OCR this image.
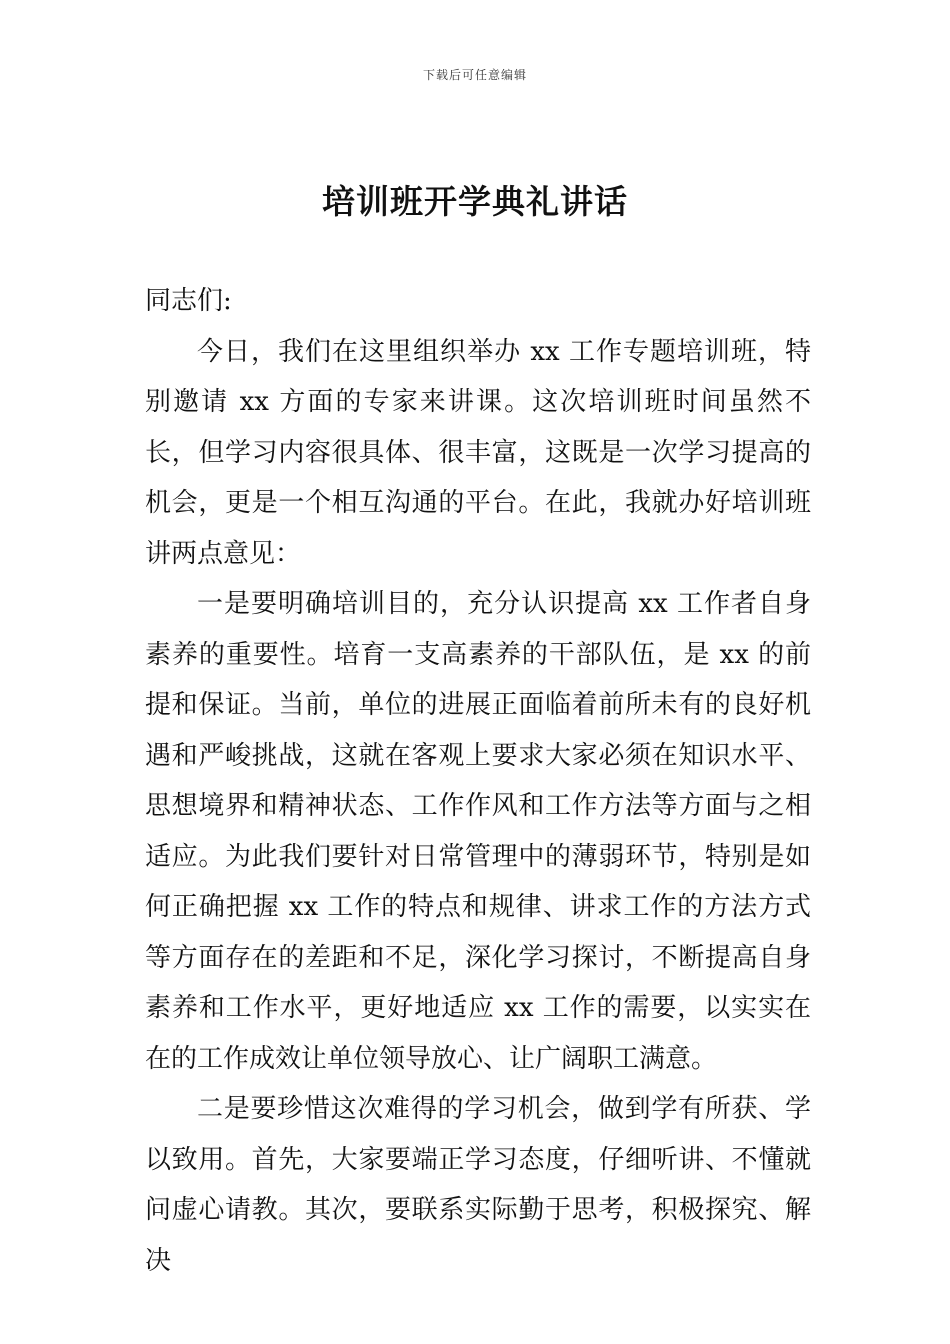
下载后可任意编辑
培训班开学典礼讲话

同志们:

今日，我们在这里组织举办 xx 工作专题培训班，特别邀请 xx 方面的专家来讲课。这次培训班时间虽然不长，但学习内容很具体、很丰富，这既是一次学习提高的机会，更是一个相互沟通的平台。在此，我就办好培训班讲两点意见：

一是要明确培训目的，充分认识提高 xx 工作者自身素养的重要性。培育一支高素养的干部队伍，是 xx 的前提和保证。当前，单位的进展正面临着前所未有的良好机遇和严峻挑战，这就在客观上要求大家必须在知识水平、思想境界和精神状态、工作作风和工作方法等方面与之相适应。为此我们要针对日常管理中的薄弱环节，特别是如何正确把握 xx 工作的特点和规律、讲求工作的方法方式等方面存在的差距和不足，深化学习探讨，不断提高自身素养和工作水平，更好地适应 xx 工作的需要，以实实在在的工作成效让单位领导放心、让广阔职工满意。

二是要珍惜这次难得的学习机会，做到学有所获、学以致用。首先，大家要端正学习态度，仔细听讲、不懂就问虚心请教。其次，要联系实际勤于思考，积极探究、解决
